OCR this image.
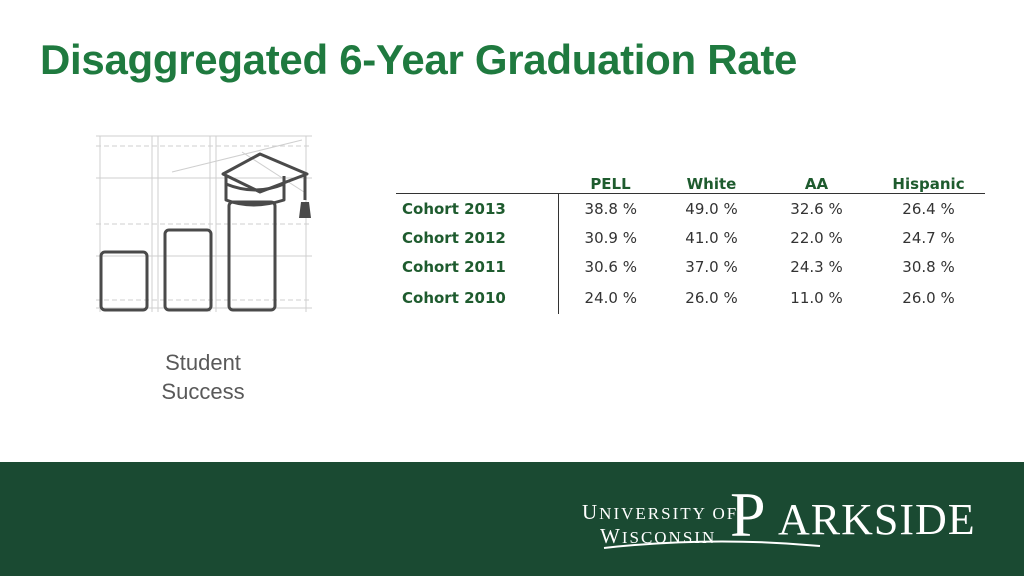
Disaggregated 6-Year Graduation Rate
Student
Success
	PELL	White	AA	Hispanic
Cohort 2013	38.8 %	49.0 %	32.6 %	26.4 %
Cohort 2012	30.9 %	41.0 %	22.0 %	24.7 %
Cohort 2011	30.6 %	37.0 %	24.3 %	30.8 %
Cohort 2010	24.0 %	26.0 %	11.0 %	26.0 %
UNIVERSITY OF
WISCONSIN P ARKSIDE
